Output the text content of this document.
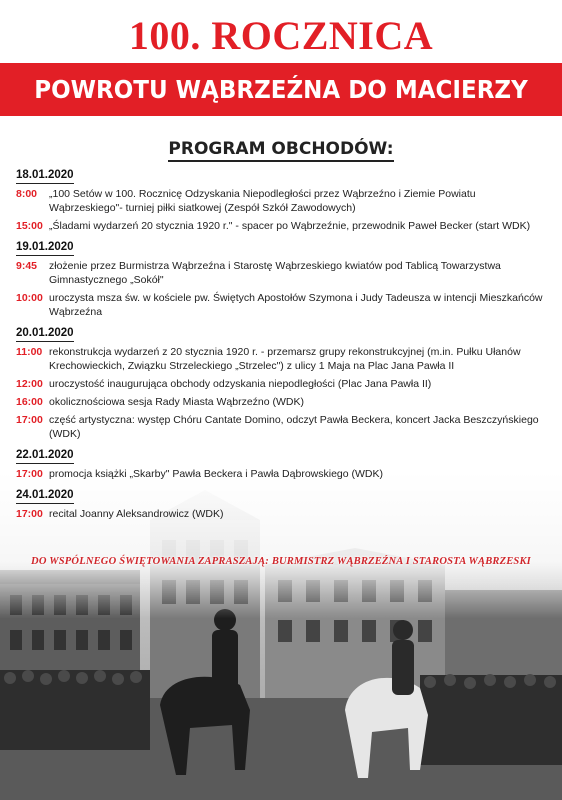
100. ROCZNICA
POWROTU WĄBRZEŹNA DO MACIERZY
PROGRAM OBCHODÓW:
18.01.2020
8:00	„100 Setów w 100. Rocznicę Odzyskania Niepodległości przez Wąbrzeźno i Ziemie Powiatu Wąbrzeskiego"- turniej piłki siatkowej (Zespół Szkół Zawodowych)
15:00 „Śladami wydarzeń 20 stycznia 1920 r." - spacer po Wąbrzeźnie, przewodnik Paweł Becker (start WDK)
19.01.2020
9:45	złożenie przez Burmistrza Wąbrzeźna i Starostę Wąbrzeskiego kwiatów pod Tablicą Towarzystwa Gimnastycznego „Sokół"
10:00 uroczysta msza św. w kościele pw. Świętych Apostołów Szymona i Judy Tadeusza w intencji Mieszkańców Wąbrzeźna
20.01.2020
11:00 rekonstrukcja wydarzeń z 20 stycznia 1920 r. - przemarsz grupy rekonstrukcyjnej (m.in. Pułku Ułanów Krechowieckich, Związku Strzeleckiego „Strzelec") z ulicy 1 Maja na Plac Jana Pawła II
12:00 uroczystość inaugurująca obchody odzyskania niepodległości (Plac Jana Pawła II)
16:00 okolicznościowa sesja Rady Miasta Wąbrzeźno (WDK)
17:00 część artystyczna: występ Chóru Cantate Domino, odczyt Pawła Beckera, koncert Jacka Beszczyńskiego (WDK)
22.01.2020
17:00 promocja książki „Skarby" Pawła Beckera i Pawła Dąbrowskiego (WDK)
24.01.2020
17:00 recital Joanny Aleksandrowicz (WDK)
DO WSPÓLNEGO ŚWIĘTOWANIA ZAPRASZAJĄ: BURMISTRZ WĄBRZEŹNA I STAROSTA WĄBRZESKI
